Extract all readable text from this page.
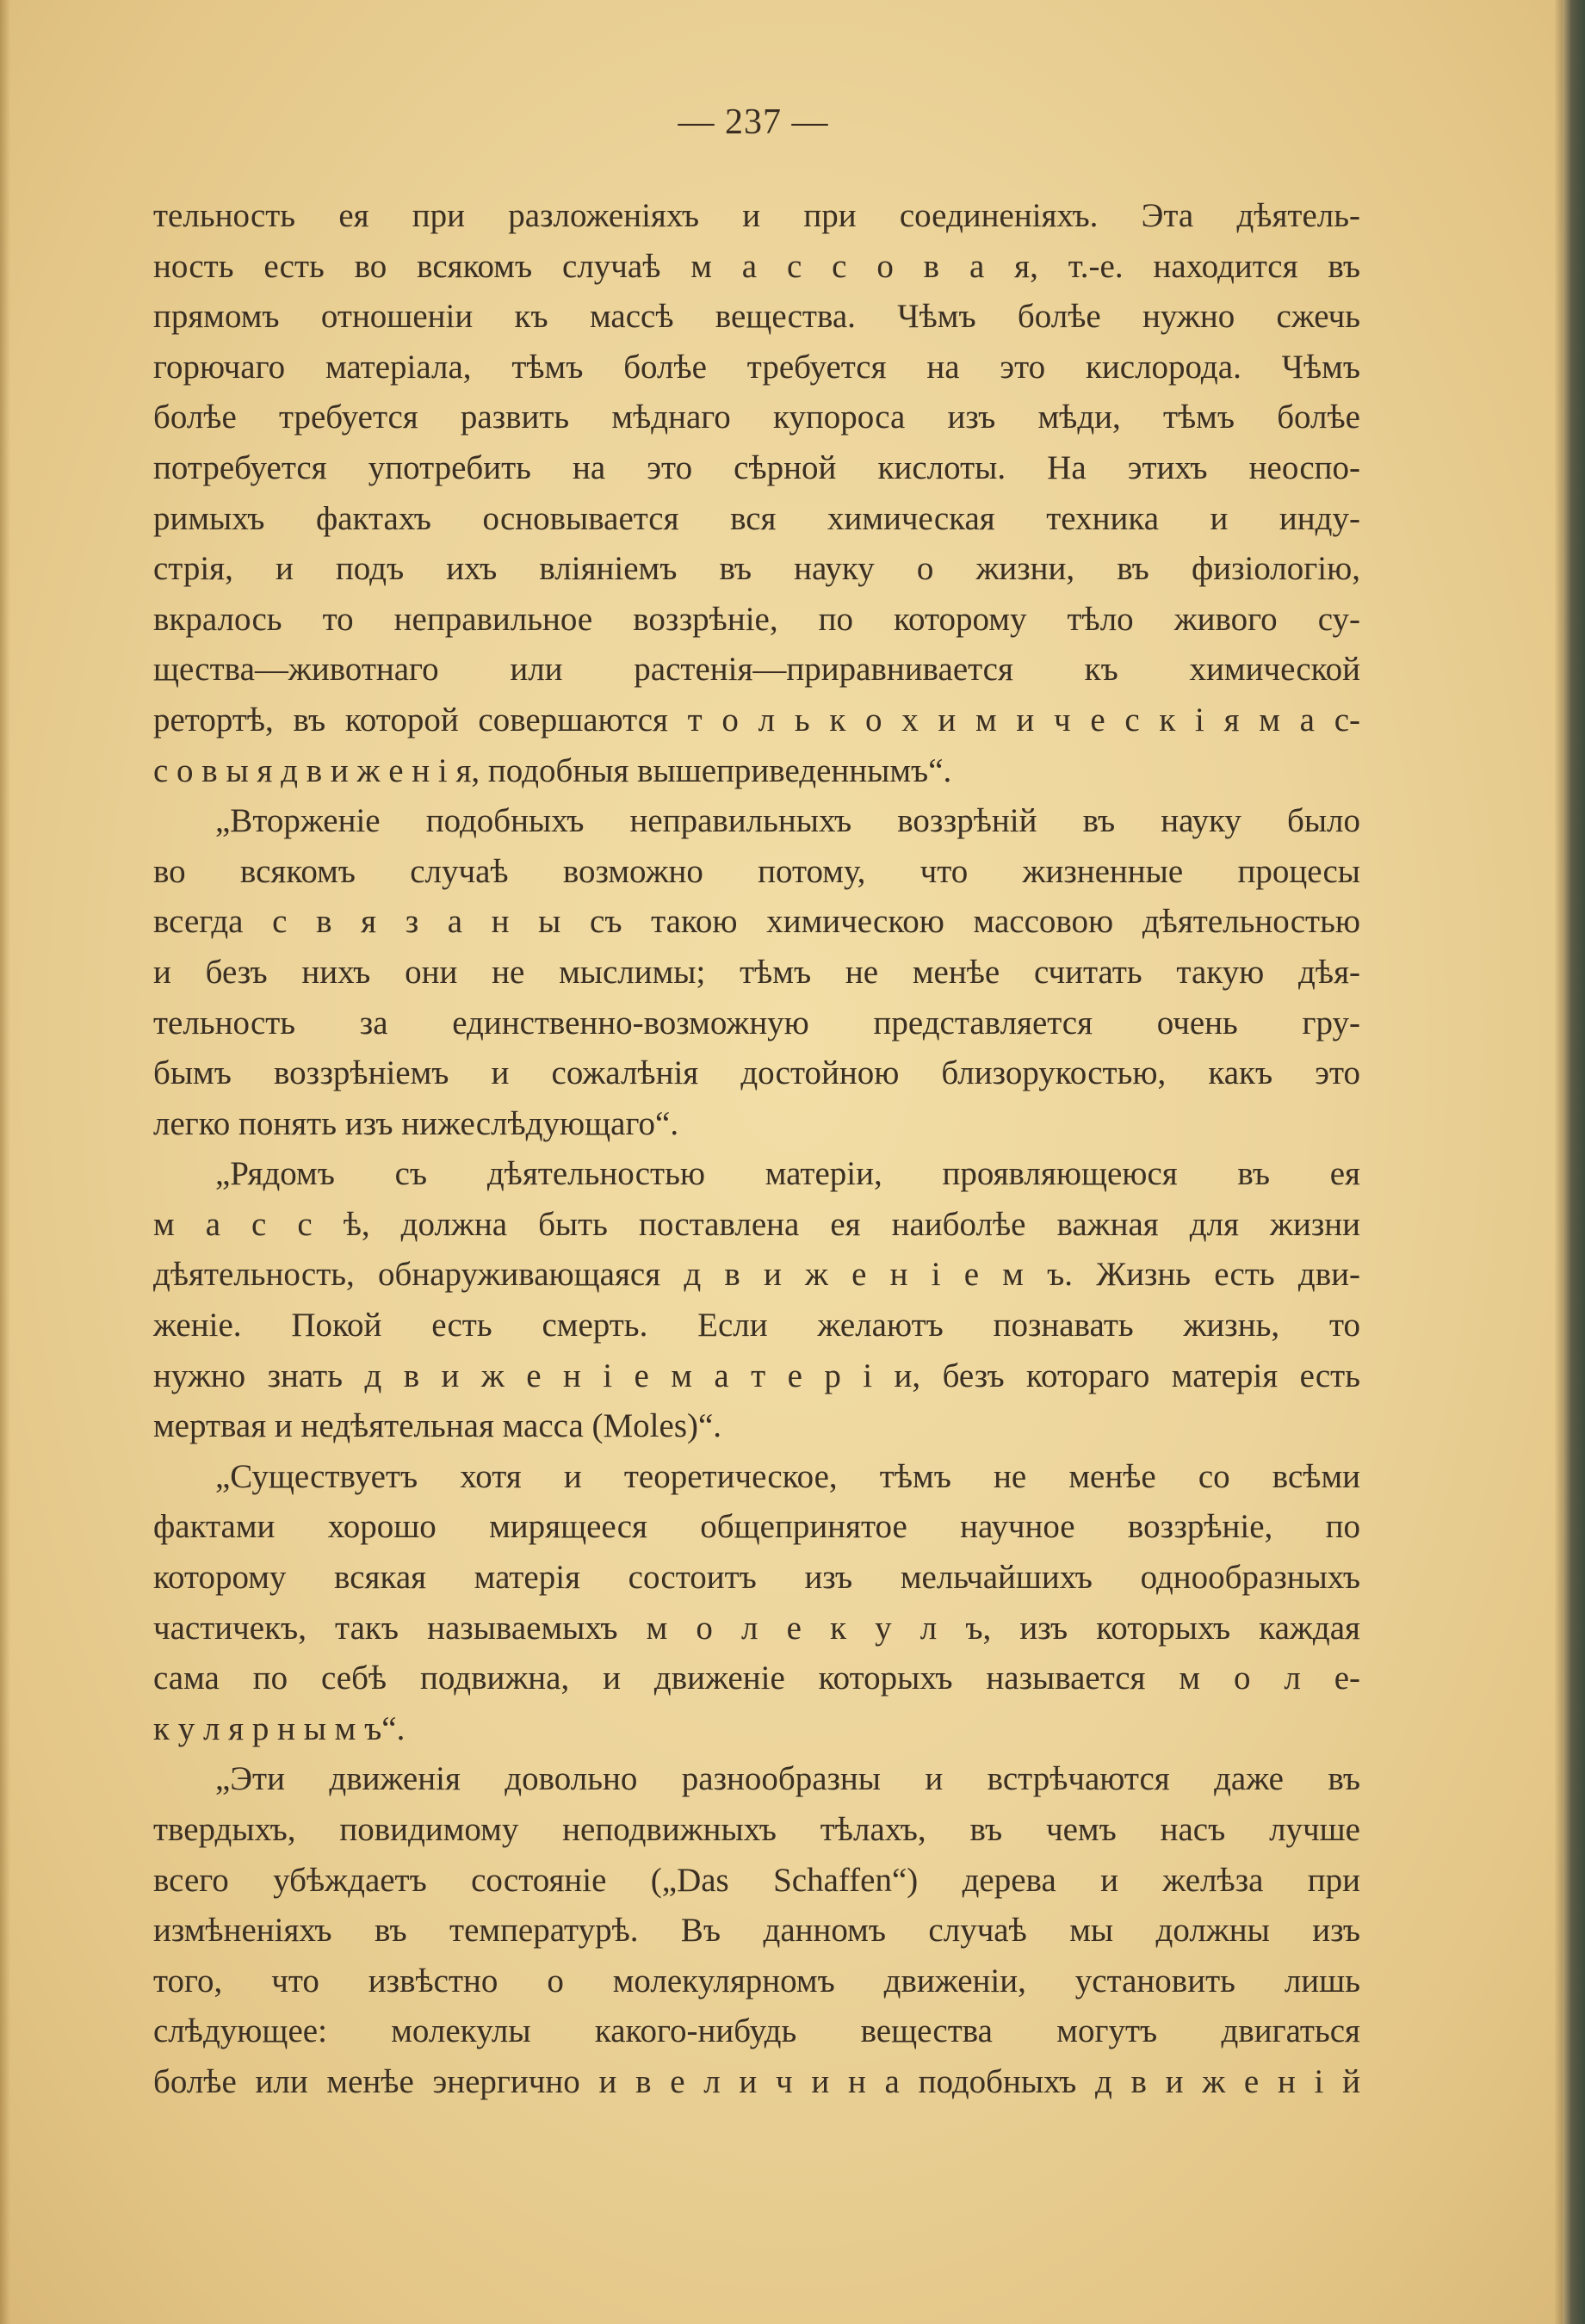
— 237 —
тельность ея при разложеніяхъ и при соединеніяхъ. Эта дѣятель-
ность есть во всякомъ случаѣ м а с с о в а я, т.-е. находится въ
прямомъ отношеніи къ массѣ вещества. Чѣмъ болѣе нужно сжечь
горючаго матеріала, тѣмъ болѣе требуется на это кислорода. Чѣмъ
болѣе требуется развить мѣднаго купороса изъ мѣди, тѣмъ болѣе
потребуется употребить на это сѣрной кислоты. На этихъ неоспо-
римыхъ фактахъ основывается вся химическая техника и инду-
стрія, и подъ ихъ вліяніемъ въ науку о жизни, въ физіологію,
вкралось то неправильное воззрѣніе, по которому тѣло живого су-
щества—животнаго или растенія—приравнивается къ химической
ретортѣ, въ которой совершаются т о л ь к о х и м и ч е с к і я м а с-
с о в ы я д в и ж е н і я, подобныя вышеприведеннымъ“.
„Вторженіе подобныхъ неправильныхъ воззрѣній въ науку было
во всякомъ случаѣ возможно потому, что жизненные процесы
всегда с в я з а н ы съ такою химическою массовою дѣятельностью
и безъ нихъ они не мыслимы; тѣмъ не менѣе считать такую дѣя-
тельность за единственно-возможную представляется очень гру-
бымъ воззрѣніемъ и сожалѣнія достойною близорукостью, какъ это
легко понять изъ нижеслѣдующаго“.
„Рядомъ съ дѣятельностью матеріи, проявляющеюся въ ея
м а с с ѣ, должна быть поставлена ея наиболѣе важная для жизни
дѣятельность, обнаруживающаяся д в и ж е н і е м ъ. Жизнь есть дви-
женіе. Покой есть смерть. Если желаютъ познавать жизнь, то
нужно знать д в и ж е н і е м а т е р і и, безъ котораго матерія есть
мертвая и недѣятельная масса (Moles)“.
„Существуетъ хотя и теоретическое, тѣмъ не менѣе со всѣми
фактами хорошо мирящееся общепринятое научное воззрѣніе, по
которому всякая матерія состоитъ изъ мельчайшихъ однообразныхъ
частичекъ, такъ называемыхъ м о л е к у л ъ, изъ которыхъ каждая
сама по себѣ подвижна, и движеніе которыхъ называется м о л е-
к у л я р н ы м ъ“.
„Эти движенія довольно разнообразны и встрѣчаются даже въ
твердыхъ, повидимому неподвижныхъ тѣлахъ, въ чемъ насъ лучше
всего убѣждаетъ состояніе („Das Schaffen“) дерева и желѣза при
измѣненіяхъ въ температурѣ. Въ данномъ случаѣ мы должны изъ
того, что извѣстно о молекулярномъ движеніи, установить лишь
слѣдующее: молекулы какого-нибудь вещества могутъ двигаться
болѣе или менѣе энергично и в е л и ч и н а подобныхъ д в и ж е н і й
